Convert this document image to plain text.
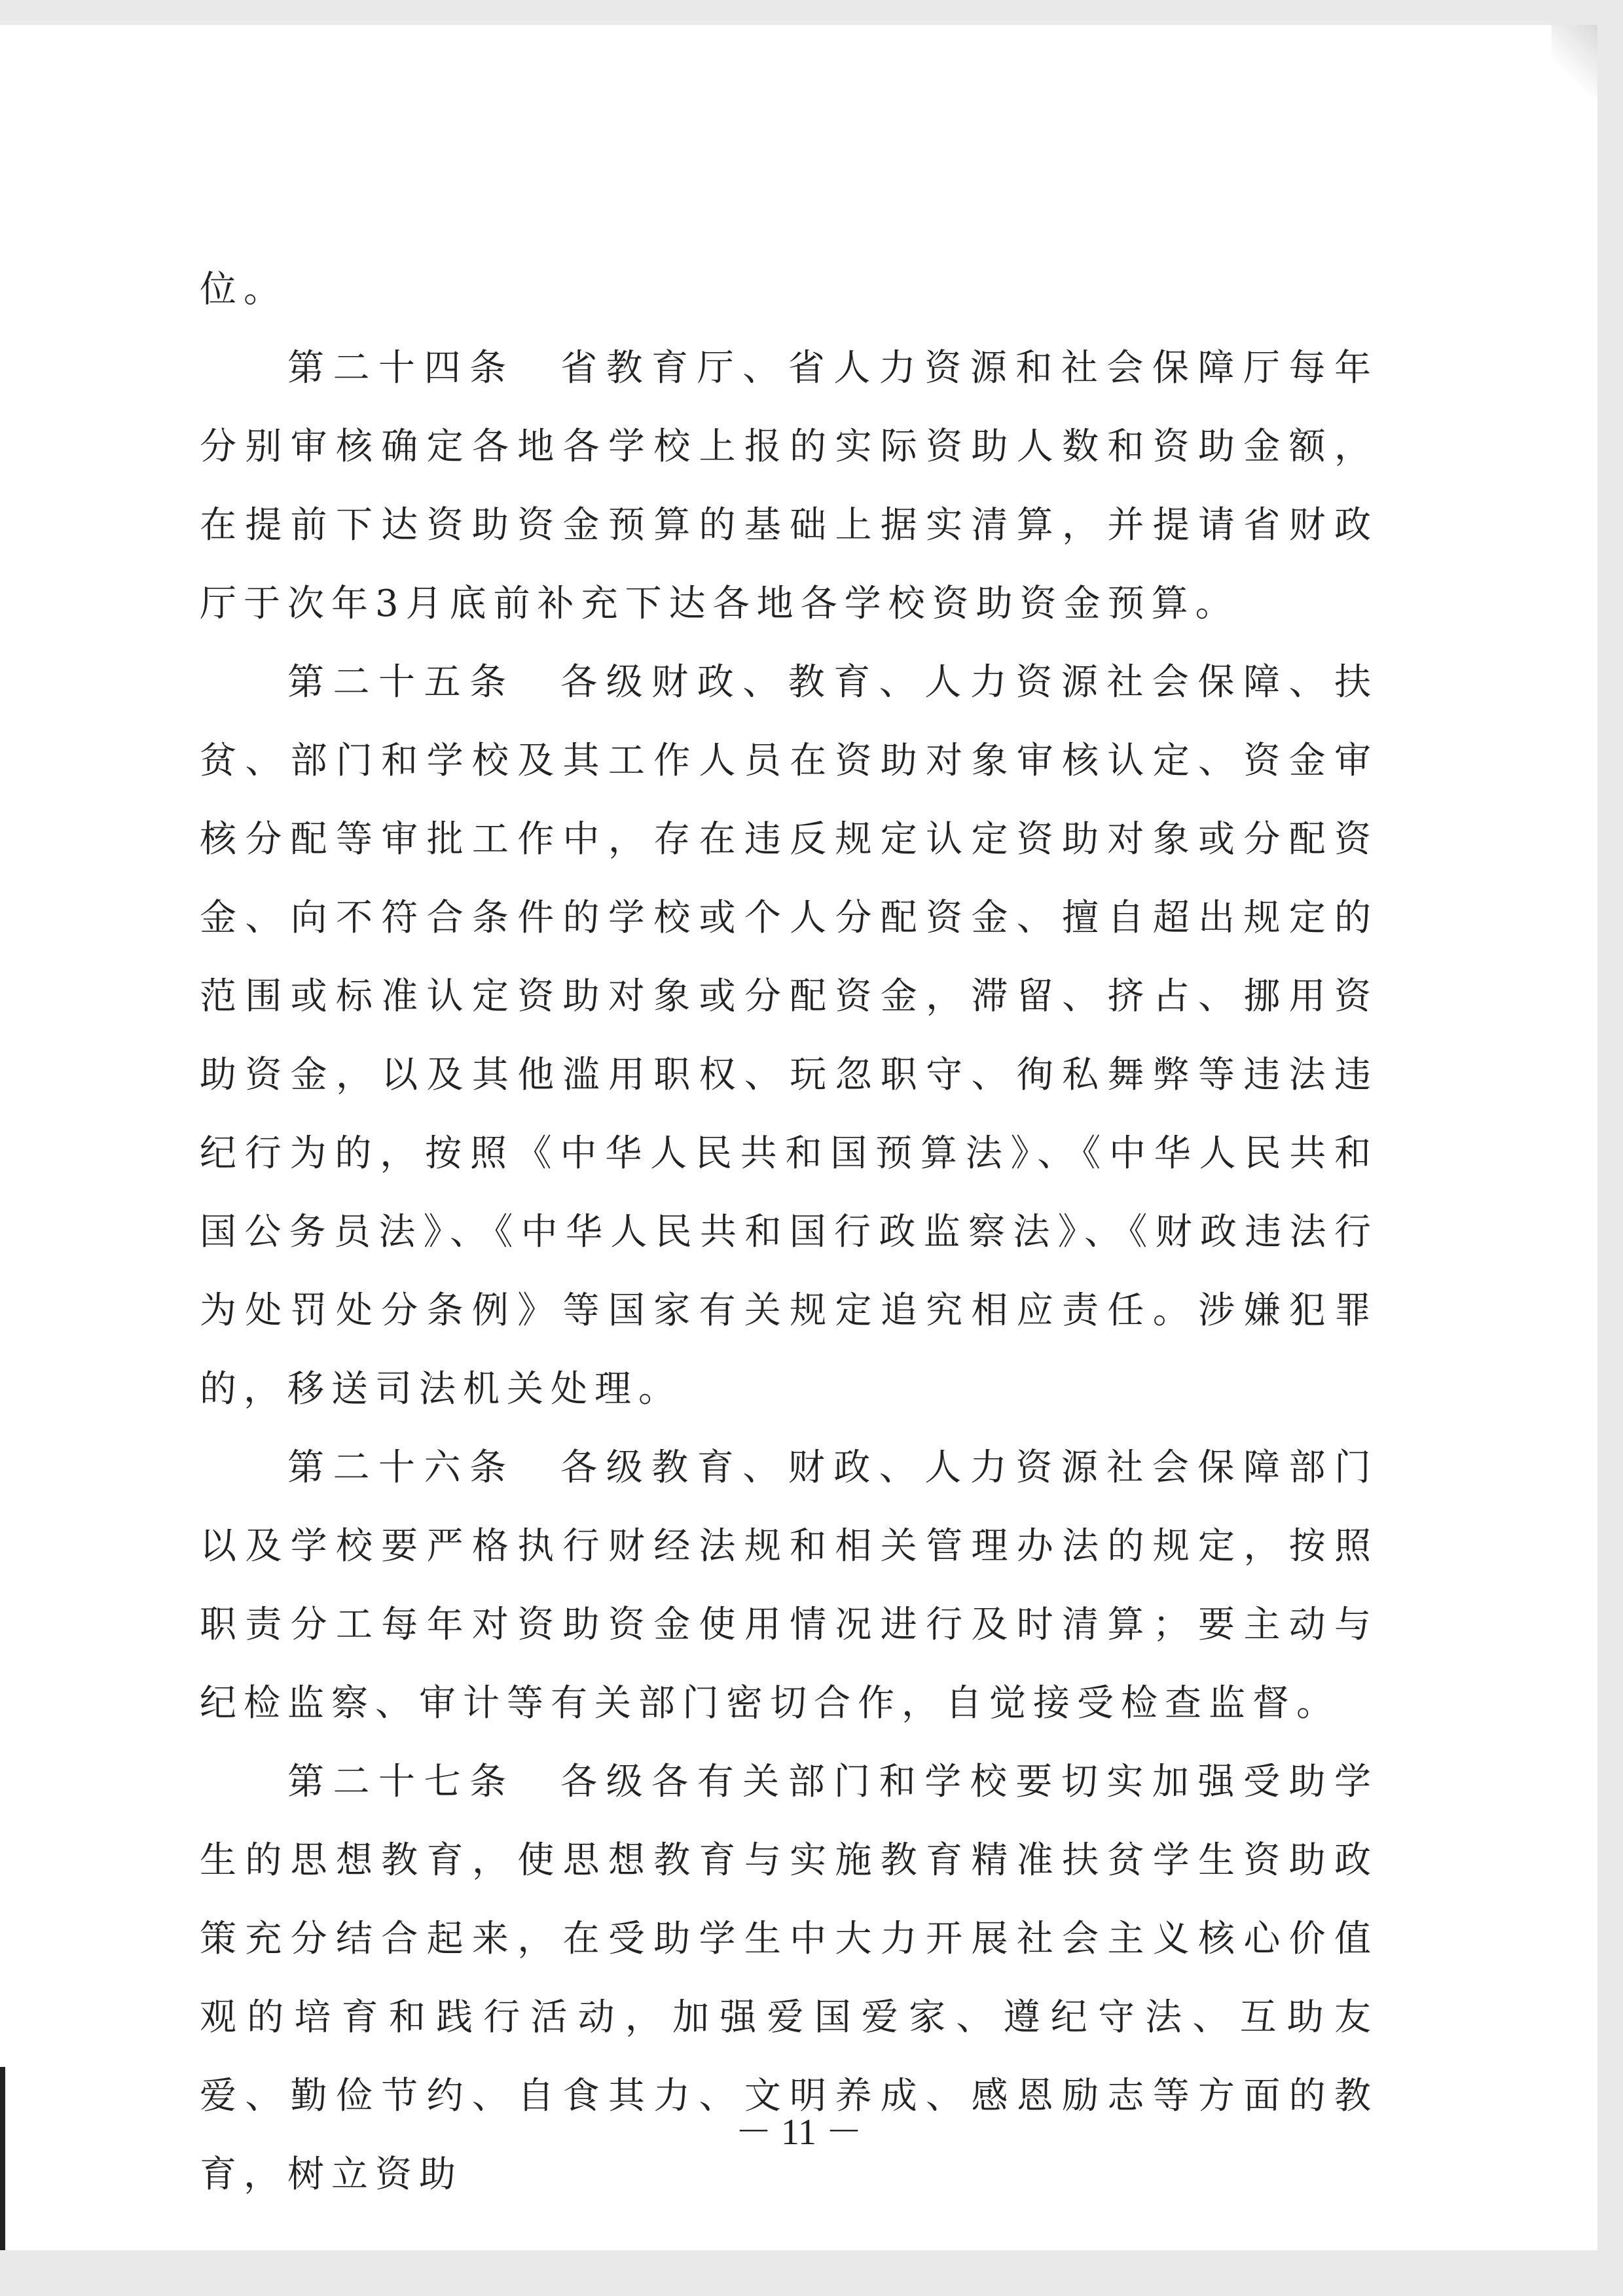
位。

第二十四条　省教育厅、省人力资源和社会保障厅每年分别审核确定各地各学校上报的实际资助人数和资助金额，在提前下达资助资金预算的基础上据实清算，并提请省财政厅于次年3月底前补充下达各地各学校资助资金预算。

第二十五条　各级财政、教育、人力资源社会保障、扶贫、部门和学校及其工作人员在资助对象审核认定、资金审核分配等审批工作中，存在违反规定认定资助对象或分配资金、向不符合条件的学校或个人分配资金、擅自超出规定的范围或标准认定资助对象或分配资金，滞留、挤占、挪用资助资金，以及其他滥用职权、玩忽职守、徇私舞弊等违法违纪行为的，按照《中华人民共和国预算法》、《中华人民共和国公务员法》、《中华人民共和国行政监察法》、《财政违法行为处罚处分条例》等国家有关规定追究相应责任。涉嫌犯罪的，移送司法机关处理。

第二十六条　各级教育、财政、人力资源社会保障部门以及学校要严格执行财经法规和相关管理办法的规定，按照职责分工每年对资助资金使用情况进行及时清算；要主动与纪检监察、审计等有关部门密切合作，自觉接受检查监督。

第二十七条　各级各有关部门和学校要切实加强受助学生的思想教育，使思想教育与实施教育精准扶贫学生资助政策充分结合起来，在受助学生中大力开展社会主义核心价值观的培育和践行活动，加强爱国爱家、遵纪守法、互助友爱、勤俭节约、自食其力、文明养成、感恩励志等方面的教育，树立资助

－ 11 －
